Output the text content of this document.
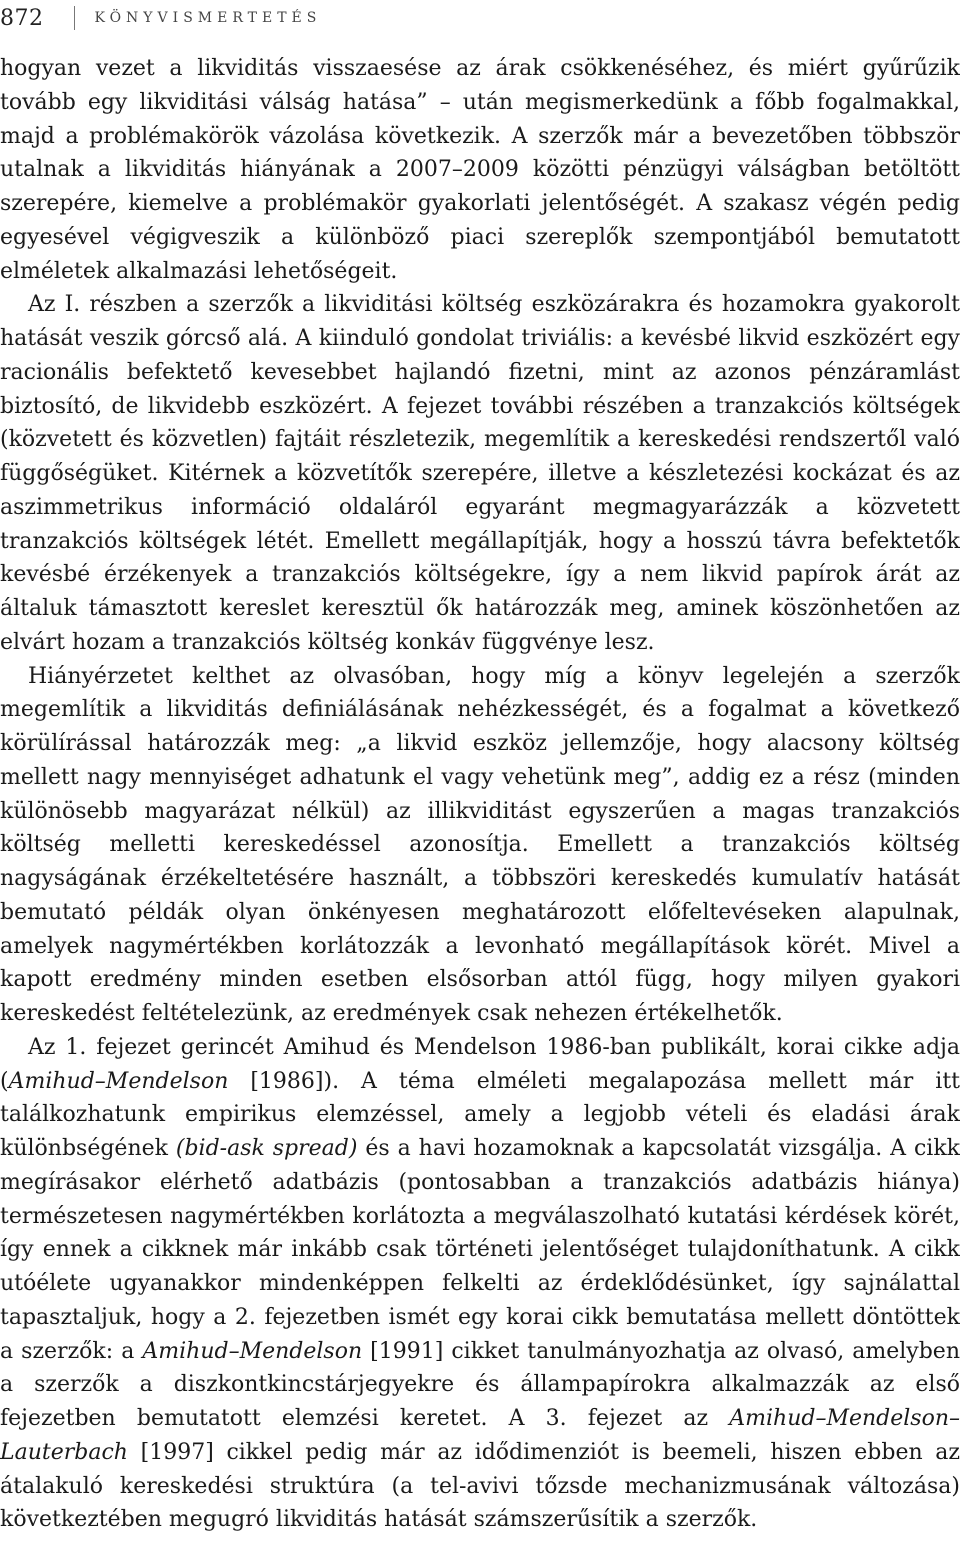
872	KÖNYVISMERTETÉS

hogyan vezet a likviditás visszaesése az árak csökkenéséhez, és miért gyűrűzik tovább egy likviditási válság hatása” – után megismerkedünk a főbb fogalmakkal, majd a problémakörök vázolása következik. A szerzők már a bevezetőben többször utalnak a likviditás hiányának a 2007–2009 közötti pénzügyi válságban betöltött szerepére, kiemelve a problémakör gyakorlati jelentőségét. A szakasz végén pedig egyesével végigveszik a különböző piaci szereplők szempontjából bemutatott elméletek alkalmazási lehetőségeit.

Az I. részben a szerzők a likviditási költség eszközárakra és hozamokra gyakorolt hatását veszik górcső alá. A kiinduló gondolat triviális: a kevésbé likvid eszközért egy racionális befektető kevesebbet hajlandó fizetni, mint az azonos pénzáramlást biztosító, de likvidebb eszközért. A fejezet további részében a tranzakciós költségek (közvetett és közvetlen) fajtáit részletezik, megemlítik a kereskedési rendszertől való függőségüket. Kitérnek a közvetítők szerepére, illetve a készletezési kockázat és az aszimmetrikus információ oldaláról egyaránt megmagyarázzák a közvetett tranzakciós költségek létét. Emellett megállapítják, hogy a hosszú távra befektetők kevésbé érzékenyek a tranzakciós költségekre, így a nem likvid papírok árát az általuk támasztott kereslet keresztül ők határozzák meg, aminek köszönhetően az elvárt hozam a tranzakciós költség konkáv függvénye lesz.

Hiányérzetet kelthet az olvasóban, hogy míg a könyv legelején a szerzők megemlítik a likviditás definiálásának nehézkességét, és a fogalmat a következő körülírással határozzák meg: „a likvid eszköz jellemzője, hogy alacsony költség mellett nagy mennyiséget adhatunk el vagy vehetünk meg”, addig ez a rész (minden különösebb magyarázat nélkül) az illikviditást egyszerűen a magas tranzakciós költség melletti kereskedéssel azonosítja. Emellett a tranzakciós költség nagyságának érzékeltetésére használt, a többszöri kereskedés kumulatív hatását bemutató példák olyan önkényesen meghatározott előfeltevéseken alapulnak, amelyek nagymértékben korlátozzák a levonható megállapítások körét. Mivel a kapott eredmény minden esetben elsősorban attól függ, hogy milyen gyakori kereskedést feltételezünk, az eredmények csak nehezen értékelhetők.

Az 1. fejezet gerincét Amihud és Mendelson 1986-ban publikált, korai cikke adja (Amihud–Mendelson [1986]). A téma elméleti megalapozása mellett már itt találkozhatunk empirikus elemzéssel, amely a legjobb vételi és eladási árak különbségének (bid-ask spread) és a havi hozamoknak a kapcsolatát vizsgálja. A cikk megírásakor elérhető adatbázis (pontosabban a tranzakciós adatbázis hiánya) természetesen nagymértékben korlátozta a megválaszolható kutatási kérdések körét, így ennek a cikknek már inkább csak történeti jelentőséget tulajdoníthatunk. A cikk utóélete ugyanakkor mindenképpen felkelti az érdeklődésünket, így sajnálattal tapasztaljuk, hogy a 2. fejezetben ismét egy korai cikk bemutatása mellett döntöttek a szerzők: a Amihud–Mendelson [1991] cikket tanulmányozhatja az olvasó, amelyben a szerzők a diszkontkincstárjegyekre és állampapírokra alkalmazzák az első fejezetben bemutatott elemzési keretet. A 3. fejezet az Amihud–Mendelson–Lauterbach [1997] cikkel pedig már az idődimenziót is beemeli, hiszen ebben az átalakuló kereskedési struktúra (a tel-avivi tőzsde mechanizmusának változása) következtében megugró likviditás hatását számszerűsítik a szerzők.
